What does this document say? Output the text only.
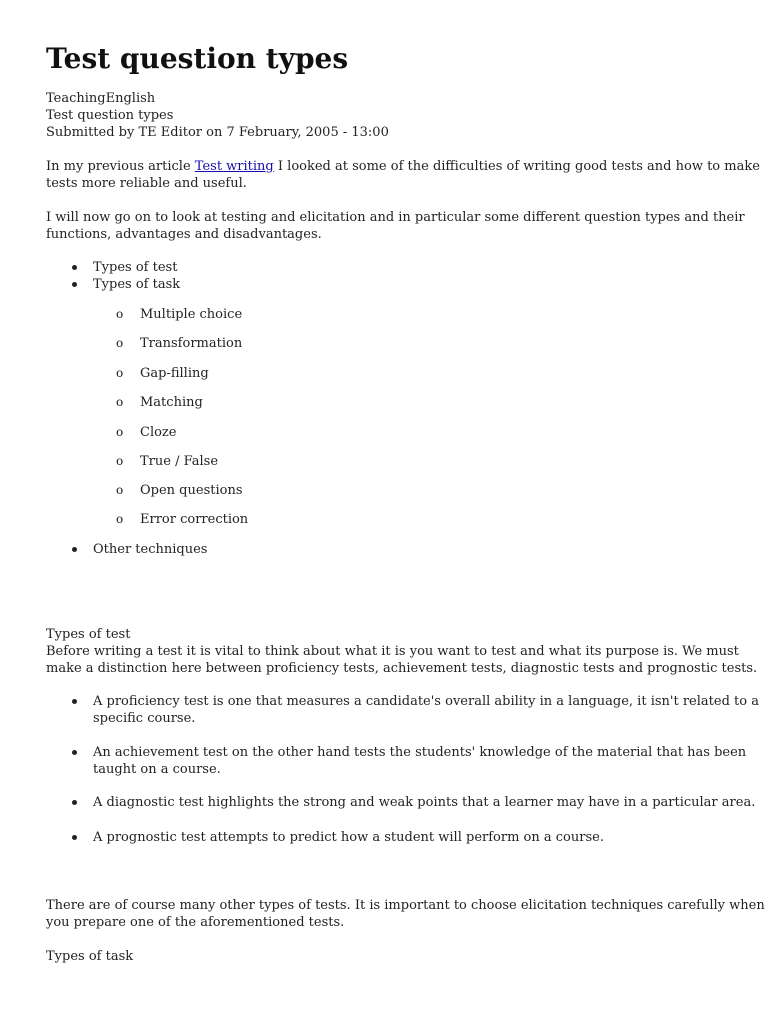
Test question types
TeachingEnglish
Test question types
Submitted by TE Editor on 7 February, 2005 - 13:00
In my previous article Test writing I looked at some of the difficulties of writing good tests and how to make
tests more reliable and useful.
I will now go on to look at testing and elicitation and in particular some different question types and their
functions, advantages and disadvantages.
Types of test
Types of task
o Multiple choice
o Transformation
o Gap-filling
o Matching
o Cloze
o True / False
o Open questions
o Error correction
Other techniques
Types of test
Before writing a test it is vital to think about what it is you want to test and what its purpose is. We must
make a distinction here between proficiency tests, achievement tests, diagnostic tests and prognostic tests.
A proficiency test is one that measures a candidate's overall ability in a language, it isn't related to a
specific course.
An achievement test on the other hand tests the students' knowledge of the material that has been
taught on a course.
A diagnostic test highlights the strong and weak points that a learner may have in a particular area.
A prognostic test attempts to predict how a student will perform on a course.
There are of course many other types of tests. It is important to choose elicitation techniques carefully when
you prepare one of the aforementioned tests.
Types of task
